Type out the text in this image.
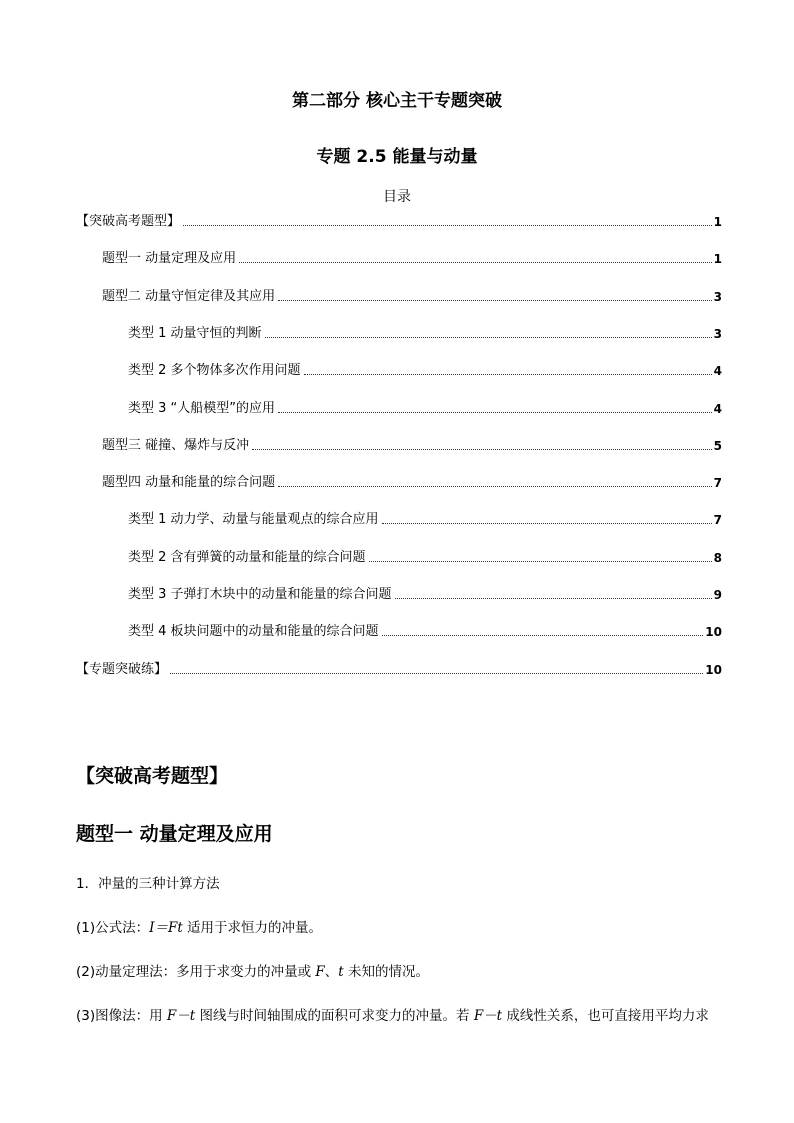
第二部分 核心主干专题突破
专题 2.5 能量与动量
目录
【突破高考题型】	1
题型一 动量定理及应用	1
题型二 动量守恒定律及其应用	3
类型 1 动量守恒的判断	3
类型 2 多个物体多次作用问题	4
类型 3 “人船模型”的应用	4
题型三 碰撞、爆炸与反冲	5
题型四 动量和能量的综合问题	7
类型 1 动力学、动量与能量观点的综合应用	7
类型 2 含有弹簧的动量和能量的综合问题	8
类型 3 子弹打木块中的动量和能量的综合问题	9
类型 4 板块问题中的动量和能量的综合问题	10
【专题突破练】	10
【突破高考题型】
题型一 动量定理及应用
1．冲量的三种计算方法
(1)公式法：I＝Ft 适用于求恒力的冲量。
(2)动量定理法：多用于求变力的冲量或 F、t 未知的情况。
(3)图像法：用 F－t 图线与时间轴围成的面积可求变力的冲量。若 F－t 成线性关系，也可直接用平均力求
